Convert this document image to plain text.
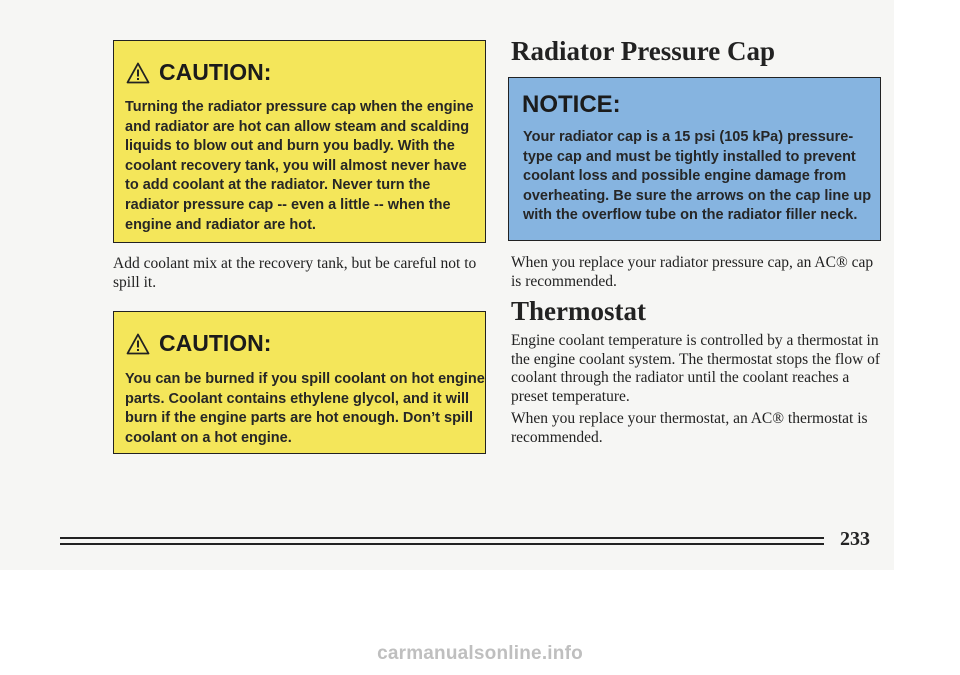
CAUTION:
Turning the radiator pressure cap when the engine and radiator are hot can allow steam and scalding liquids to blow out and burn you badly. With the coolant recovery tank, you will almost never have to add coolant at the radiator. Never turn the radiator pressure cap -- even a little -- when the engine and radiator are hot.
Add coolant mix at the recovery tank, but be careful not to spill it.
CAUTION:
You can be burned if you spill coolant on hot engine parts. Coolant contains ethylene glycol, and it will burn if the engine parts are hot enough. Don’t spill coolant on a hot engine.
Radiator Pressure Cap
NOTICE:
Your radiator cap is a 15 psi (105 kPa) pressure-type cap and must be tightly installed to prevent coolant loss and possible engine damage from overheating. Be sure the arrows on the cap line up with the overflow tube on the radiator filler neck.
When you replace your radiator pressure cap, an AC® cap is recommended.
Thermostat
Engine coolant temperature is controlled by a thermostat in the engine coolant system. The thermostat stops the flow of coolant through the radiator until the coolant reaches a preset temperature.
When you replace your thermostat, an AC® thermostat is recommended.
233
carmanualsonline.info
